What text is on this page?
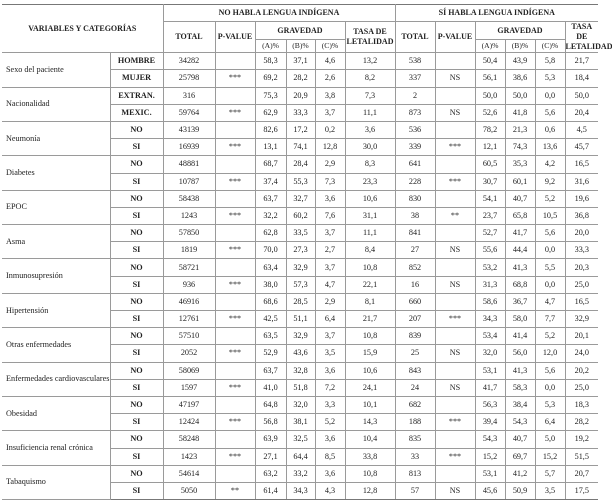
VARIABLES Y CATEGORÍAS		NO HABLA LENGUA INDÍGENA						SÍ HABLA LENGUA INDÍGENA					
		TOTAL	P-VALUE	GRAVEDAD			TASA DE LETALIDAD	TOTAL	P-VALUE	GRAVEDAD			TASA DE LETALIDAD
				(A)%	(B)%	(C)%				(A)%	(B)%	(C)%	
Sexo del paciente	HOMBRE	34282		58,3	37,1	4,6	13,2	538		50,4	43,9	5,8	21,7
	MUJER	25798	***	69,2	28,2	2,6	8,2	337	NS	56,1	38,6	5,3	18,4
Nacionalidad	EXTRAN.	316		75,3	20,9	3,8	7,3	2		50,0	50,0	0,0	50,0
	MEXIC.	59764	***	62,9	33,3	3,7	11,1	873	NS	52,6	41,8	5,6	20,4
Neumonía	NO	43139		82,6	17,2	0,2	3,6	536		78,2	21,3	0,6	4,5
	SI	16939	***	13,1	74,1	12,8	30,0	339	***	12,1	74,3	13,6	45,7
Diabetes	NO	48881		68,7	28,4	2,9	8,3	641		60,5	35,3	4,2	16,5
	SI	10787	***	37,4	55,3	7,3	23,3	228	***	30,7	60,1	9,2	31,6
EPOC	NO	58438		63,7	32,7	3,6	10,6	830		54,1	40,7	5,2	19,6
	SI	1243	***	32,2	60,2	7,6	31,1	38	**	23,7	65,8	10,5	36,8
Asma	NO	57850		62,8	33,5	3,7	11,1	841		52,7	41,7	5,6	20,0
	SI	1819	***	70,0	27,3	2,7	8,4	27	NS	55,6	44,4	0,0	33,3
Inmunosupresión	NO	58721		63,4	32,9	3,7	10,8	852		53,2	41,3	5,5	20,3
	SI	936	***	38,0	57,3	4,7	22,1	16	NS	31,3	68,8	0,0	25,0
Hipertensión	NO	46916		68,6	28,5	2,9	8,1	660		58,6	36,7	4,7	16,5
	SI	12761	***	42,5	51,1	6,4	21,7	207	***	34,3	58,0	7,7	32,9
Otras enfermedades	NO	57510		63,5	32,9	3,7	10,8	839		53,4	41,4	5,2	20,1
	SI	2052	***	52,9	43,6	3,5	15,9	25	NS	32,0	56,0	12,0	24,0
Enfermedades cardiovasculares	NO	58069		63,7	32,8	3,6	10,6	843		53,1	41,3	5,6	20,2
	SI	1597	***	41,0	51,8	7,2	24,1	24	NS	41,7	58,3	0,0	25,0
Obesidad	NO	47197		64,8	32,0	3,3	10,1	682		56,3	38,4	5,3	18,3
	SI	12424	***	56,8	38,1	5,2	14,3	188	***	39,4	54,3	6,4	28,2
Insuficiencia renal crónica	NO	58248		63,9	32,5	3,6	10,4	835		54,3	40,7	5,0	19,2
	SI	1423	***	27,1	64,4	8,5	33,8	33	***	15,2	69,7	15,2	51,5
Tabaquismo	NO	54614		63,2	33,2	3,6	10,8	813		53,1	41,2	5,7	20,7
	SI	5050	**	61,4	34,3	4,3	12,8	57	NS	45,6	50,9	3,5	17,5
